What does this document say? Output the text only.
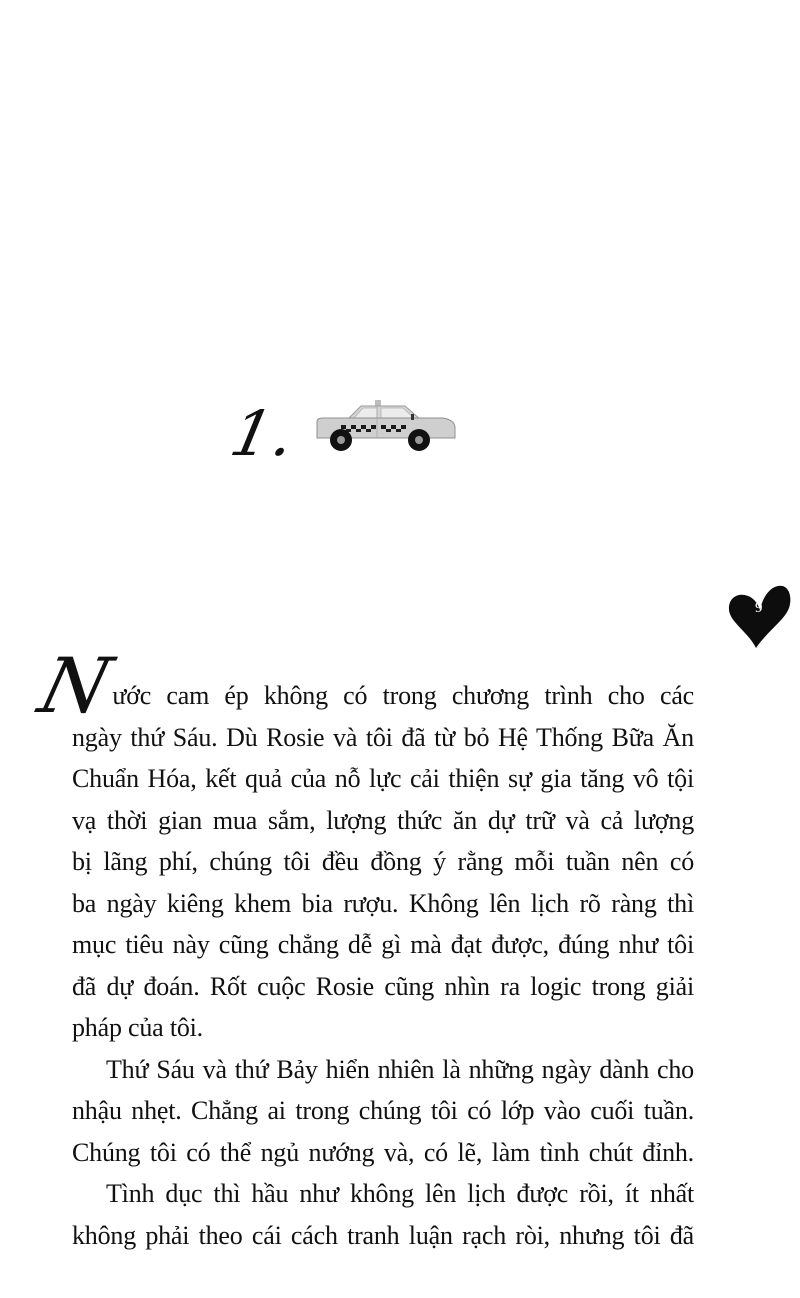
1.
9
N
ước cam ép không có trong chương trình cho các
ngày thứ Sáu. Dù Rosie và tôi đã từ bỏ Hệ Thống Bữa Ăn
Chuẩn Hóa, kết quả của nỗ lực cải thiện sự gia tăng vô tội
vạ thời gian mua sắm, lượng thức ăn dự trữ và cả lượng
bị lãng phí, chúng tôi đều đồng ý rằng mỗi tuần nên có
ba ngày kiêng khem bia rượu. Không lên lịch rõ ràng thì
mục tiêu này cũng chẳng dễ gì mà đạt được, đúng như tôi
đã dự đoán. Rốt cuộc Rosie cũng nhìn ra logic trong giải
pháp của tôi.
Thứ Sáu và thứ Bảy hiển nhiên là những ngày dành cho
nhậu nhẹt. Chẳng ai trong chúng tôi có lớp vào cuối tuần.
Chúng tôi có thể ngủ nướng và, có lẽ, làm tình chút đỉnh.
Tình dục thì hầu như không lên lịch được rồi, ít nhất
không phải theo cái cách tranh luận rạch ròi, nhưng tôi đã
